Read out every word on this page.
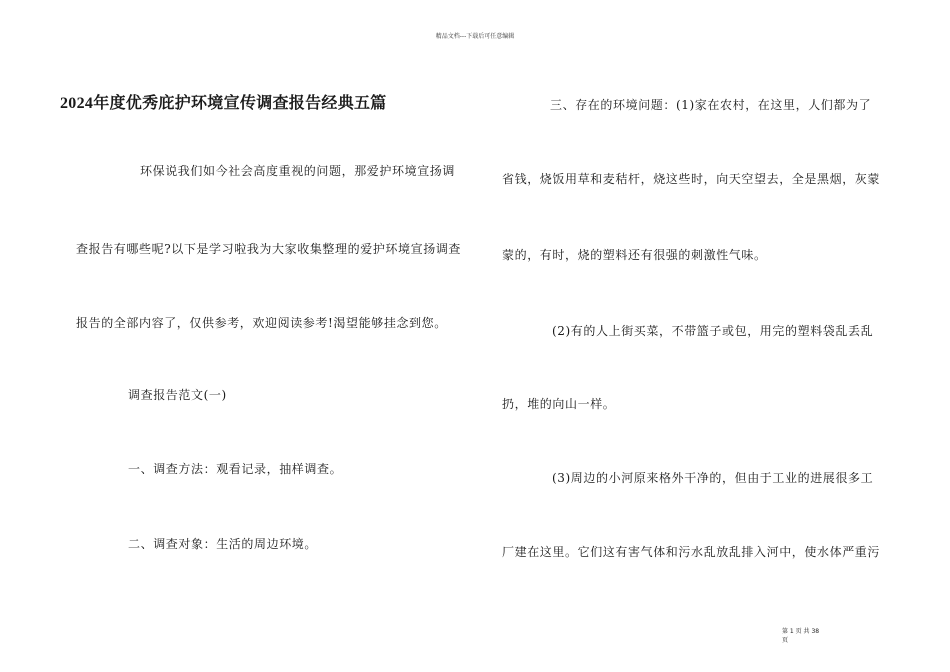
精品文档---下载后可任意编辑
2024年度优秀庇护环境宣传调查报告经典五篇
环保说我们如今社会高度重视的问题，那爱护环境宣扬调
查报告有哪些呢?以下是学习啦我为大家收集整理的爱护环境宣扬调查
报告的全部内容了，仅供参考，欢迎阅读参考!渴望能够挂念到您。
调查报告范文(一)
一、调查方法：观看记录，抽样调查。
二、调查对象：生活的周边环境。
三、存在的环境问题：(1)家在农村，在这里，人们都为了
省钱，烧饭用草和麦秸杆，烧这些时，向天空望去，全是黑烟，灰蒙
蒙的，有时，烧的塑料还有很强的刺激性气味。
(2)有的人上街买菜，不带篮子或包，用完的塑料袋乱丢乱
扔，堆的向山一样。
(3)周边的小河原来格外干净的，但由于工业的进展很多工
厂建在这里。它们这有害气体和污水乱放乱排入河中，使水体严重污
第 1 页 共 38
页
